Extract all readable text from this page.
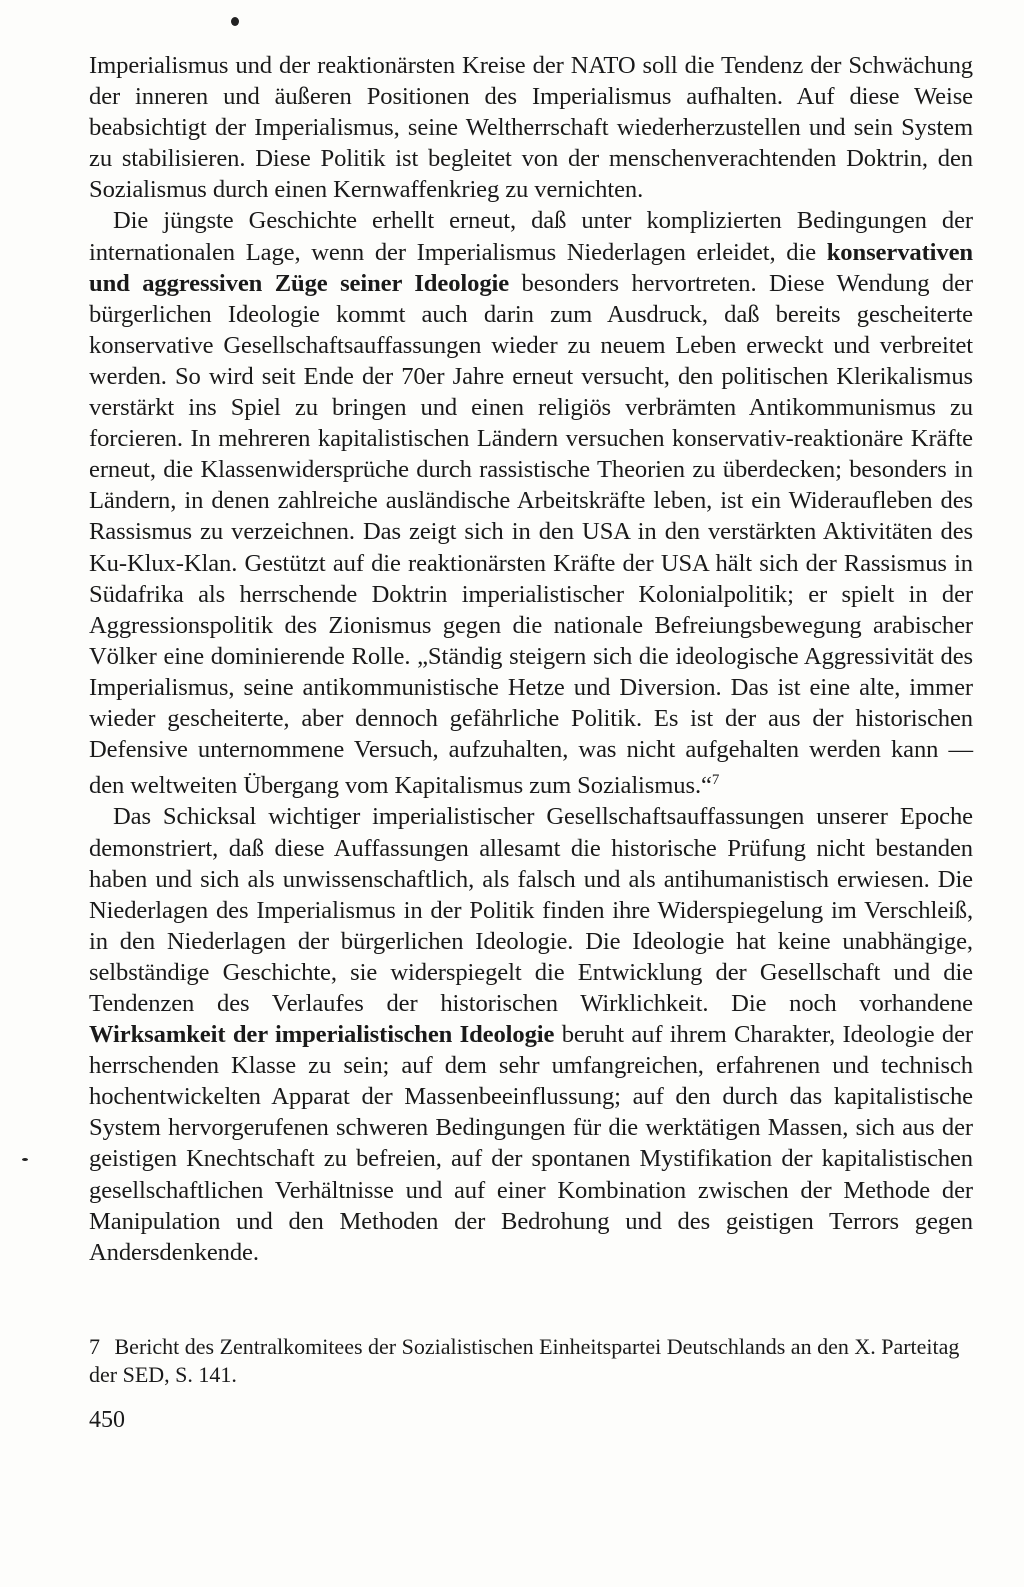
Imperialismus und der reaktionärsten Kreise der NATO soll die Tendenz der Schwächung der inneren und äußeren Positionen des Imperialismus aufhalten. Auf diese Weise beabsichtigt der Imperialismus, seine Weltherrschaft wiederherzustellen und sein System zu stabilisieren. Diese Politik ist begleitet von der menschenverachtenden Doktrin, den Sozialismus durch einen Kernwaffenkrieg zu vernichten.

Die jüngste Geschichte erhellt erneut, daß unter komplizierten Bedingungen der internationalen Lage, wenn der Imperialismus Niederlagen erleidet, die konservativen und aggressiven Züge seiner Ideologie besonders hervortreten. Diese Wendung der bürgerlichen Ideologie kommt auch darin zum Ausdruck, daß bereits gescheiterte konservative Gesellschaftsauffassungen wieder zu neuem Leben erweckt und verbreitet werden. So wird seit Ende der 70er Jahre erneut versucht, den politischen Klerikalismus verstärkt ins Spiel zu bringen und einen religiös verbrämten Antikommunismus zu forcieren. In mehreren kapitalistischen Ländern versuchen konservativ-reaktionäre Kräfte erneut, die Klassenwidersprüche durch rassistische Theorien zu überdecken; besonders in Ländern, in denen zahlreiche ausländische Arbeitskräfte leben, ist ein Wideraufleben des Rassismus zu verzeichnen. Das zeigt sich in den USA in den verstärkten Aktivitäten des Ku-Klux-Klan. Gestützt auf die reaktionärsten Kräfte der USA hält sich der Rassismus in Südafrika als herrschende Doktrin imperialistischer Kolonialpolitik; er spielt in der Aggressionspolitik des Zionismus gegen die nationale Befreiungsbewegung arabischer Völker eine dominierende Rolle. „Ständig steigern sich die ideologische Aggressivität des Imperialismus, seine antikommunistische Hetze und Diversion. Das ist eine alte, immer wieder gescheiterte, aber dennoch gefährliche Politik. Es ist der aus der historischen Defensive unternommene Versuch, aufzuhalten, was nicht aufgehalten werden kann — den weltweiten Übergang vom Kapitalismus zum Sozialismus.“$^7$

Das Schicksal wichtiger imperialistischer Gesellschaftsauffassungen unserer Epoche demonstriert, daß diese Auffassungen allesamt die historische Prüfung nicht bestanden haben und sich als unwissenschaftlich, als falsch und als antihumanistisch erwiesen. Die Niederlagen des Imperialismus in der Politik finden ihre Widerspiegelung im Verschleiß, in den Niederlagen der bürgerlichen Ideologie. Die Ideologie hat keine unabhängige, selbständige Geschichte, sie widerspiegelt die Entwicklung der Gesellschaft und die Tendenzen des Verlaufes der historischen Wirklichkeit. Die noch vorhandene Wirksamkeit der imperialistischen Ideologie beruht auf ihrem Charakter, Ideologie der herrschenden Klasse zu sein; auf dem sehr umfangreichen, erfahrenen und technisch hochentwickelten Apparat der Massenbeeinflussung; auf den durch das kapitalistische System hervorgerufenen schweren Bedingungen für die werktätigen Massen, sich aus der geistigen Knechtschaft zu befreien, auf der spontanen Mystifikation der kapitalistischen gesellschaftlichen Verhältnisse und auf einer Kombination zwischen der Methode der Manipulation und den Methoden der Bedrohung und des geistigen Terrors gegen Andersdenkende.

7 Bericht des Zentralkomitees der Sozialistischen Einheitspartei Deutschlands an den X. Parteitag der SED, S. 141.
450
